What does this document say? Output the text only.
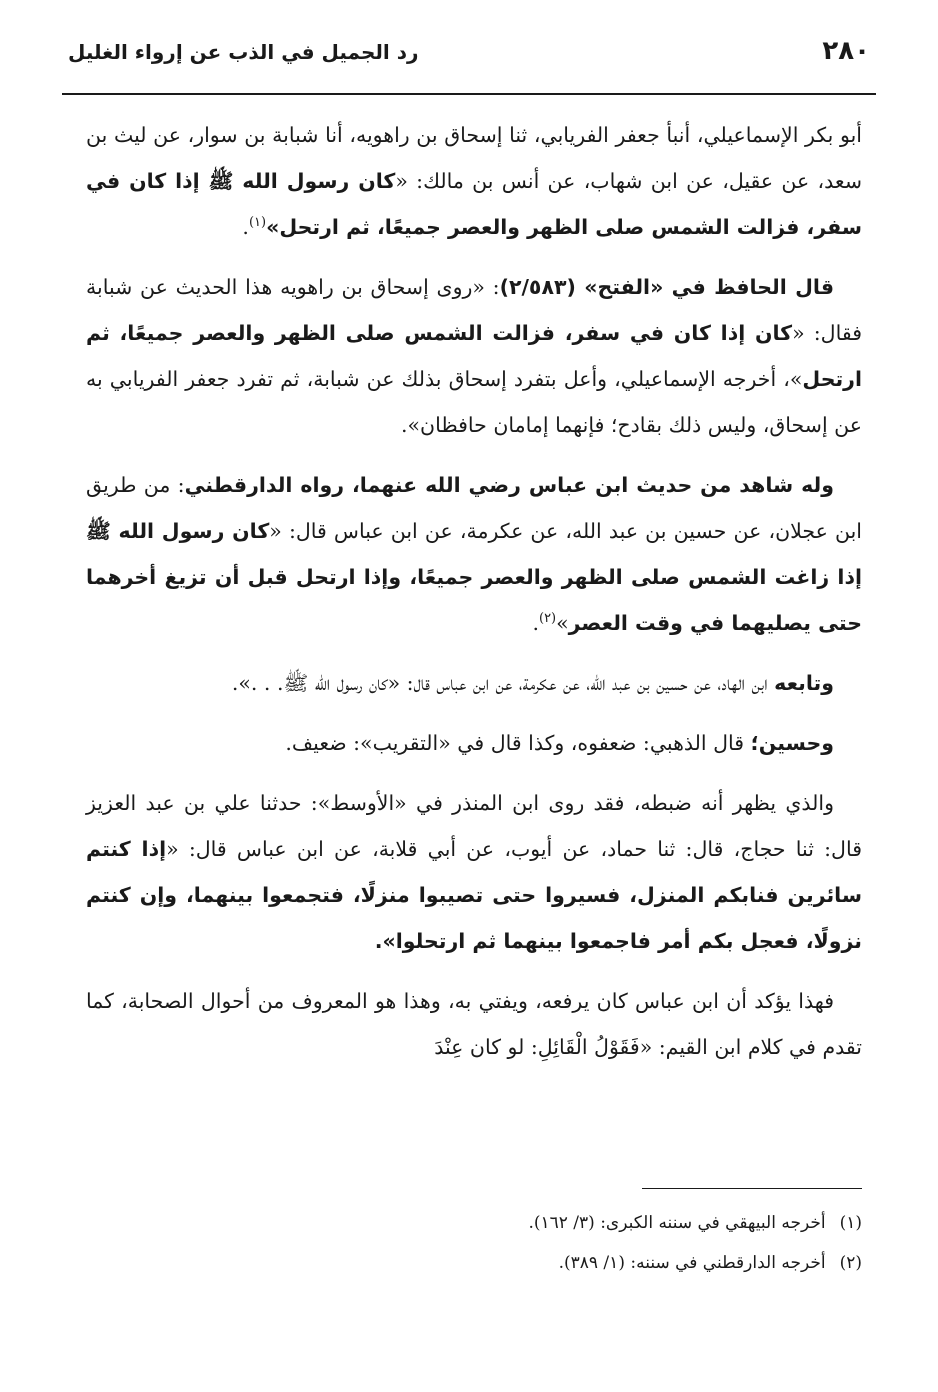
٢٨٠
رد الجميل في الذب عن إرواء الغليل

أبو بكر الإسماعيلي، أنبأ جعفر الفريابي، ثنا إسحاق بن راهويه، أنا شبابة بن سوار، عن ليث بن سعد، عن عقيل، عن ابن شهاب، عن أنس بن مالك: «كان رسول الله ﷺ إذا كان في سفر، فزالت الشمس صلى الظهر والعصر جميعًا، ثم ارتحل»$^{(١)}$.

قال الحافظ في «الفتح» (٢/٥٨٣): «روى إسحاق بن راهويه هذا الحديث عن شبابة فقال: «كان إذا كان في سفر، فزالت الشمس صلى الظهر والعصر جميعًا، ثم ارتحل»، أخرجه الإسماعيلي، وأعل بتفرد إسحاق بذلك عن شبابة، ثم تفرد جعفر الفريابي به عن إسحاق، وليس ذلك بقادح؛ فإنهما إمامان حافظان».

وله شاهد من حديث ابن عباس رضي الله عنهما، رواه الدارقطني: من طريق ابن عجلان، عن حسين بن عبد الله، عن عكرمة، عن ابن عباس قال: «كان رسول الله ﷺ إذا زاغت الشمس صلى الظهر والعصر جميعًا، وإذا ارتحل قبل أن تزيغ أخرهما حتى يصليهما في وقت العصر»$^{(٢)}$.

وتابعه ابن الهاد، عن حسين بن عبد الله، عن عكرمة، عن ابن عباس قال: «كان رسول الله ﷺ. . .».

وحسين؛ قال الذهبي: ضعفوه، وكذا قال في «التقريب»: ضعيف.

والذي يظهر أنه ضبطه، فقد روى ابن المنذر في «الأوسط»: حدثنا علي بن عبد العزيز قال: ثنا حجاج، قال: ثنا حماد، عن أيوب، عن أبي قلابة، عن ابن عباس قال: «إذا كنتم سائرين فنابكم المنزل، فسيروا حتى تصيبوا منزلًا، فتجمعوا بينهما، وإن كنتم نزولًا، فعجل بكم أمر فاجمعوا بينهما ثم ارتحلوا».

فهذا يؤكد أن ابن عباس كان يرفعه، ويفتي به، وهذا هو المعروف من أحوال الصحابة، كما تقدم في كلام ابن القيم: «فَقَوْلُ الْقَائِلِ: لو كان عِنْدَ

(١)
أخرجه البيهقي في سننه الكبرى: (٣/ ١٦٢).
(٢)
أخرجه الدارقطني في سننه: (١/ ٣٨٩).
